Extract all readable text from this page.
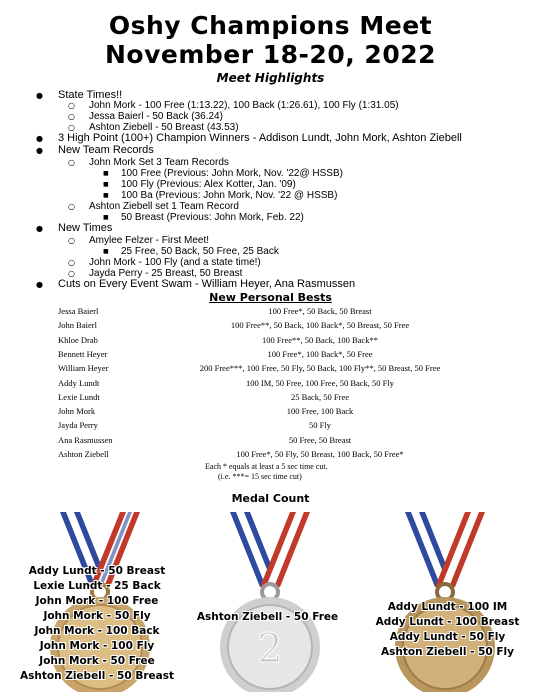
Oshy Champions Meet
November 18-20, 2022
Meet Highlights
● State Times!!
○ John Mork - 100 Free (1:13.22), 100 Back (1:26.61), 100 Fly (1:31.05)
○ Jessa Baierl - 50 Back (36.24)
○ Ashton Ziebell - 50 Breast (43.53)
● 3 High Point (100+) Champion Winners - Addison Lundt, John Mork, Ashton Ziebell
● New Team Records
○ John Mork Set 3 Team Records
■ 100 Free (Previous: John Mork, Nov. '22@ HSSB)
■ 100 Fly (Previous: Alex Kotter, Jan. '09)
■ 100 Ba (Previous: John Mork, Nov. '22 @ HSSB)
○ Ashton Ziebell set 1 Team Record
■ 50 Breast (Previous: John Mork, Feb. 22)
● New Times
○ Amylee Felzer - First Meet!
■ 25 Free, 50 Back, 50 Free, 25 Back
○ John Mork - 100 Fly (and a state time!)
○ Jayda Perry - 25 Breast, 50 Breast
● Cuts on Every Event Swam - William Heyer, Ana Rasmussen
New Personal Bests
Jessa Baierl	100 Free*, 50 Back, 50 Breast
John Baierl	100 Free**, 50 Back, 100 Back*, 50 Breast, 50 Free
Khloe Drab	100 Free**, 50 Back, 100 Back**
Bennett Heyer	100 Free*, 100 Back*, 50 Free
William Heyer	200 Free***, 100 Free, 50 Fly, 50 Back, 100 Fly**, 50 Breast, 50 Free
Addy Lundt	100 IM, 50 Free, 100 Free, 50 Back, 50 Fly
Lexie Lundt	25 Back, 50 Free
John Mork	100 Free, 100 Back
Jayda Perry	50 Fly
Ana Rasmussen	50 Free, 50 Breast
Ashton Ziebell	100 Free*, 50 Fly, 50 Breast, 100 Back, 50 Free*
Each * equals at least a 5 sec time cut.
(i.e. ***= 15 sec time cut)
Medal Count
2
Addy Lundt - 50 Breast
Lexie Lundt - 25 Back
John Mork - 100 Free
John Mork - 50 Fly
John Mork - 100 Back
John Mork - 100 Fly
John Mork - 50 Free
Ashton Ziebell - 50 Breast
Ashton Ziebell - 50 Free
Addy Lundt - 100 IM
Addy Lundt - 100 Breast
Addy Lundt - 50 Fly
Ashton Ziebell - 50 Fly
